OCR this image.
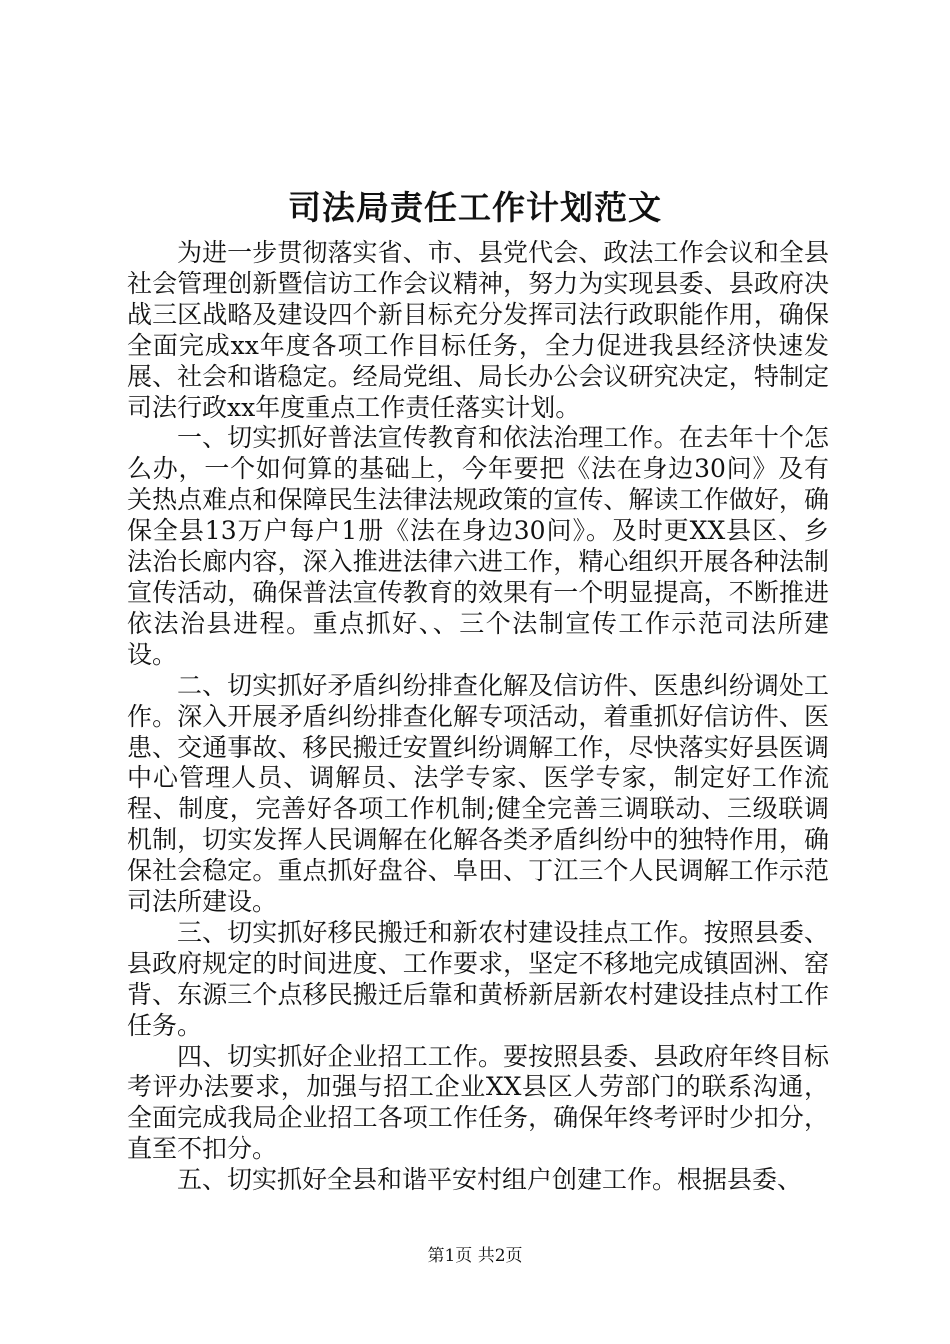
司法局责任工作计划范文

为进一步贯彻落实省、市、县党代会、政法工作会议和全县社会管理创新暨信访工作会议精神，努力为实现县委、县政府决战三区战略及建设四个新目标充分发挥司法行政职能作用，确保全面完成xx年度各项工作目标任务，全力促进我县经济快速发展、社会和谐稳定。经局党组、局长办公会议研究决定，特制定司法行政xx年度重点工作责任落实计划。

一、切实抓好普法宣传教育和依法治理工作。在去年十个怎么办，一个如何算的基础上，今年要把《法在身边30问》及有关热点难点和保障民生法律法规政策的宣传、解读工作做好，确保全县13万户每户1册《法在身边30问》。及时更XX县区、乡法治长廊内容，深入推进法律六进工作，精心组织开展各种法制宣传活动，确保普法宣传教育的效果有一个明显提高，不断推进依法治县进程。重点抓好、、三个法制宣传工作示范司法所建设。

二、切实抓好矛盾纠纷排查化解及信访件、医患纠纷调处工作。深入开展矛盾纠纷排查化解专项活动，着重抓好信访件、医患、交通事故、移民搬迁安置纠纷调解工作，尽快落实好县医调中心管理人员、调解员、法学专家、医学专家，制定好工作流程、制度，完善好各项工作机制;健全完善三调联动、三级联调机制，切实发挥人民调解在化解各类矛盾纠纷中的独特作用，确保社会稳定。重点抓好盘谷、阜田、丁江三个人民调解工作示范司法所建设。

三、切实抓好移民搬迁和新农村建设挂点工作。按照县委、县政府规定的时间进度、工作要求，坚定不移地完成镇固洲、窑背、东源三个点移民搬迁后靠和黄桥新居新农村建设挂点村工作任务。

四、切实抓好企业招工工作。要按照县委、县政府年终目标考评办法要求，加强与招工企业XX县区人劳部门的联系沟通，全面完成我局企业招工各项工作任务，确保年终考评时少扣分，直至不扣分。

五、切实抓好全县和谐平安村组户创建工作。根据县委、

第1页 共2页
